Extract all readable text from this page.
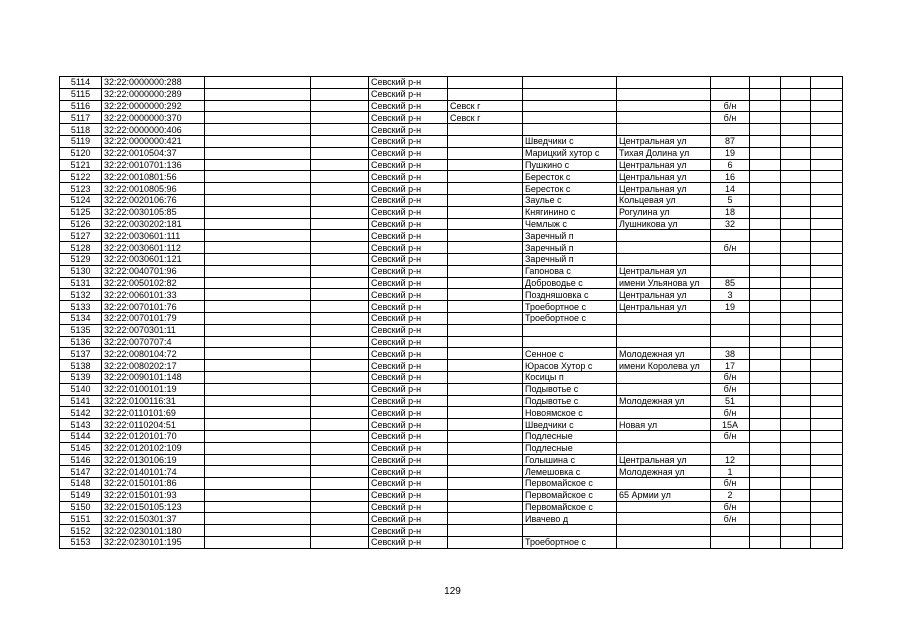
5114	32:22:0000000:288			Севский р-н							
5115	32:22:0000000:289			Севский р-н							
5116	32:22:0000000:292			Севский р-н	Севск г			б/н			
5117	32:22:0000000:370			Севский р-н	Севск г			б/н			
5118	32:22:0000000:406			Севский р-н							
5119	32:22:0000000:421			Севский р-н		Шведчики с	Центральная ул	87			
5120	32:22:0010504:37			Севский р-н		Марицкий хутор с	Тихая Долина ул	19			
5121	32:22:0010701:136			Севский р-н		Пушкино с	Центральная ул	6			
5122	32:22:0010801:56			Севский р-н		Бересток с	Центральная ул	16			
5123	32:22:0010805:96			Севский р-н		Бересток с	Центральная ул	14			
5124	32:22:0020106:76			Севский р-н		Заулье с	Кольцевая ул	5			
5125	32:22:0030105:85			Севский р-н		Княгинино с	Рогулина ул	18			
5126	32:22:0030202:181			Севский р-н		Чемлыж с	Лушникова ул	32			
5127	32:22:0030601:111			Севский р-н		Заречный п					
5128	32:22:0030601:112			Севский р-н		Заречный п		б/н			
5129	32:22:0030601:121			Севский р-н		Заречный п					
5130	32:22:0040701:96			Севский р-н		Гапонова с	Центральная ул				
5131	32:22:0050102:82			Севский р-н		Доброводье с	имени Ульянова ул	85			
5132	32:22:0060101:33			Севский р-н		Поздняшовка с	Центральная ул	3			
5133	32:22:0070101:76			Севский р-н		Троебортное с	Центральная ул	19			
5134	32:22:0070101:79			Севский р-н		Троебортное с					
5135	32:22:0070301:11			Севский р-н							
5136	32:22:0070707:4			Севский р-н							
5137	32:22:0080104:72			Севский р-н		Сенное с	Молодежная ул	38			
5138	32:22:0080202:17			Севский р-н		Юрасов Хутор с	имени Королева ул	17			
5139	32:22:0090101:148			Севский р-н		Косицы п		б/н			
5140	32:22:0100101:19			Севский р-н		Подывотье с		б/н			
5141	32:22:0100116:31			Севский р-н		Подывотье с	Молодежная ул	51			
5142	32:22:0110101:69			Севский р-н		Новоямское с		б/н			
5143	32:22:0110204:51			Севский р-н		Шведчики с	Новая ул	15А			
5144	32:22:0120101:70			Севский р-н		Подлесные		б/н			
5145	32:22:0120102:109			Севский р-н		Подлесные					
5146	32:22:0130106:19			Севский р-н		Голышина с	Центральная ул	12			
5147	32:22:0140101:74			Севский р-н		Лемешовка с	Молодежная ул	1			
5148	32:22:0150101:86			Севский р-н		Первомайское с		б/н			
5149	32:22:0150101:93			Севский р-н		Первомайское с	65 Армии ул	2			
5150	32:22:0150105:123			Севский р-н		Первомайское с		б/н			
5151	32:22:0150301:37			Севский р-н		Ивачево д		б/н			
5152	32:22:0230101:180			Севский р-н							
5153	32:22:0230101:195			Севский р-н		Троебортное с					
129
